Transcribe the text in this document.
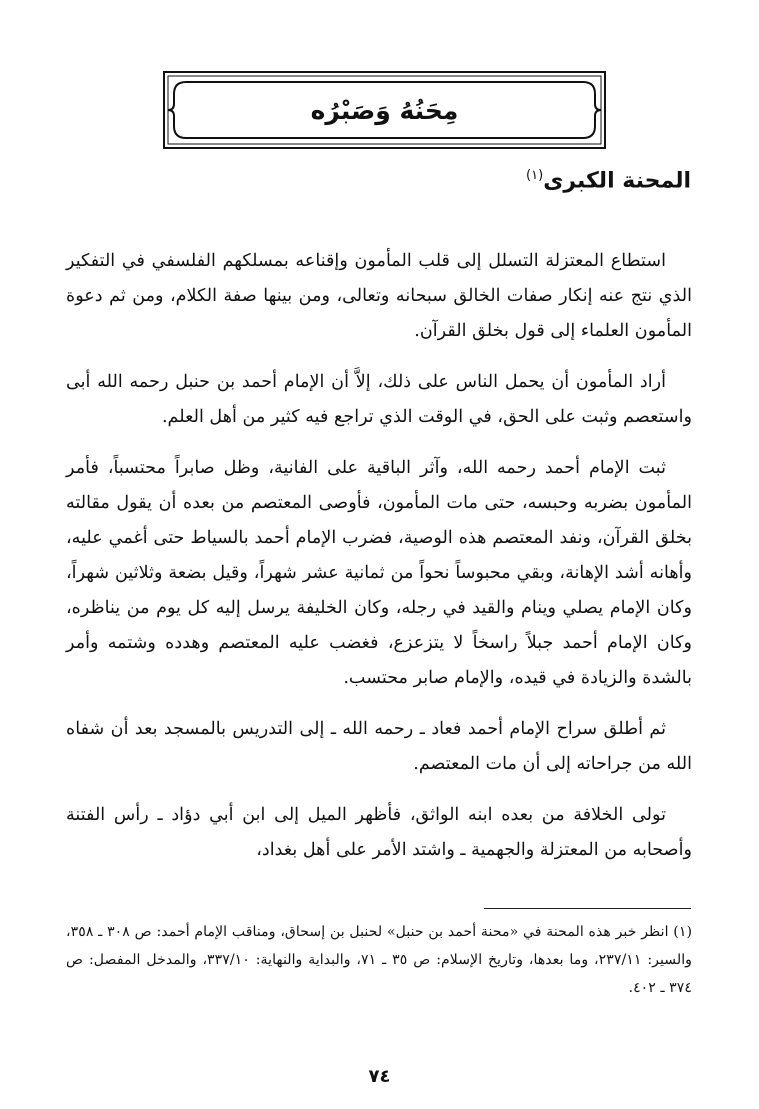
مِحَنُهُ وَصَبْرُه
المحنة الكبرى$^{(١)}$

استطاع المعتزلة التسلل إلى قلب المأمون وإقناعه بمسلكهم الفلسفي في التفكير الذي نتج عنه إنكار صفات الخالق سبحانه وتعالى، ومن بينها صفة الكلام، ومن ثم دعوة المأمون العلماء إلى قول بخلق القرآن.

أراد المأمون أن يحمل الناس على ذلك، إلاَّ أن الإمام أحمد بن حنبل رحمه الله أبى واستعصم وثبت على الحق، في الوقت الذي تراجع فيه كثير من أهل العلم.

ثبت الإمام أحمد رحمه الله، وآثر الباقية على الفانية، وظل صابراً محتسباً، فأمر المأمون بضربه وحبسه، حتى مات المأمون، فأوصى المعتصم من بعده أن يقول مقالته بخلق القرآن، ونفد المعتصم هذه الوصية، فضرب الإمام أحمد بالسياط حتى أغمي عليه، وأهانه أشد الإهانة، وبقي محبوساً نحواً من ثمانية عشر شهراً، وقيل بضعة وثلاثين شهراً، وكان الإمام يصلي وينام والقيد في رجله، وكان الخليفة يرسل إليه كل يوم من يناظره، وكان الإمام أحمد جبلاً راسخاً لا يتزعزع، فغضب عليه المعتصم وهدده وشتمه وأمر بالشدة والزيادة في قيده، والإمام صابر محتسب.

ثم أطلق سراح الإمام أحمد فعاد ـ رحمه الله ـ إلى التدريس بالمسجد بعد أن شفاه الله من جراحاته إلى أن مات المعتصم.

تولى الخلافة من بعده ابنه الواثق، فأظهر الميل إلى ابن أبي دؤاد ـ رأس الفتنة وأصحابه من المعتزلة والجهمية ـ واشتد الأمر على أهل بغداد،

(١) انظر خبر هذه المحنة في «محنة أحمد بن حنبل» لحنبل بن إسحاق، ومناقب الإمام أحمد: ص ٣٠٨ ـ ٣٥٨، والسير: ٢٣٧/١١، وما بعدها، وتاريخ الإسلام: ص ٣٥ ـ ٧١، والبداية والنهاية: ٣٣٧/١٠، والمدخل المفصل: ص ٣٧٤ ـ ٤٠٢.
٧٤
